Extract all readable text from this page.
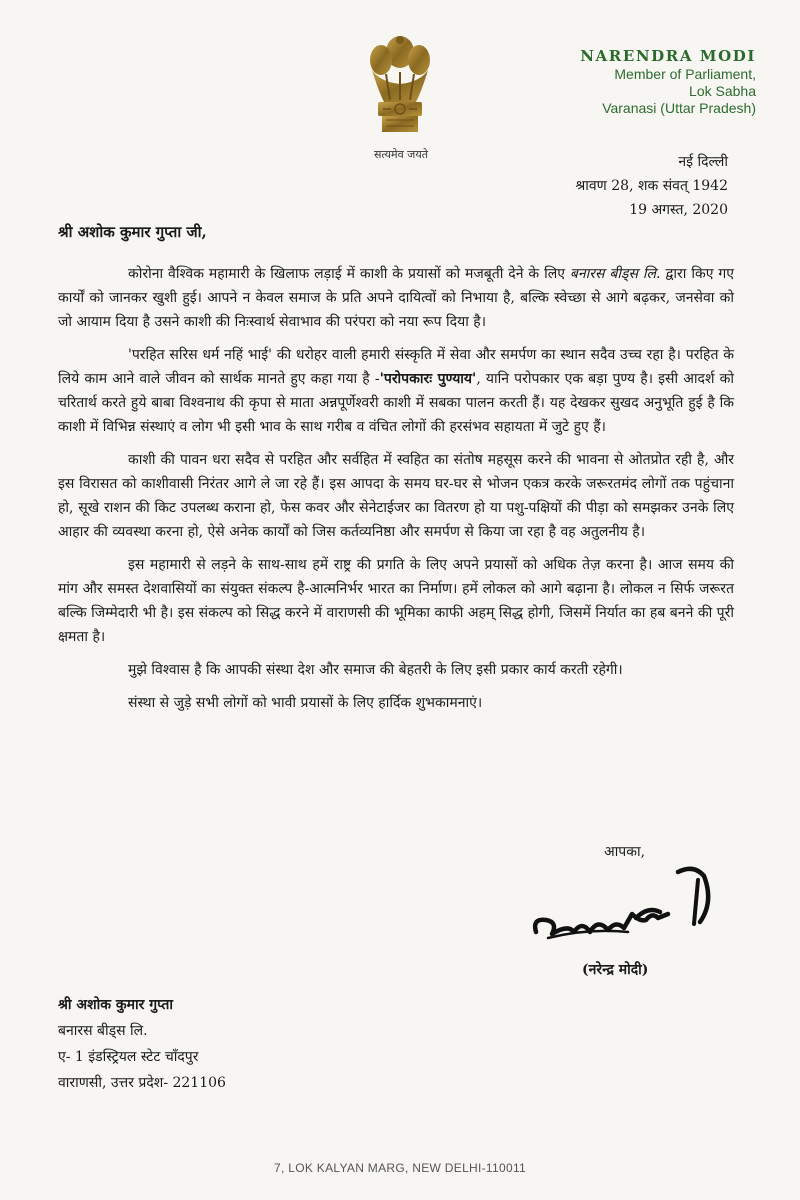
सत्यमेव जयते
NARENDRA MODI
Member of Parliament,
Lok Sabha
Varanasi (Uttar Pradesh)
नई दिल्ली
श्रावण 28, शक संवत् 1942
19 अगस्त, 2020
श्री अशोक कुमार गुप्ता जी,

कोरोना वैश्विक महामारी के खिलाफ लड़ाई में काशी के प्रयासों को मजबूती देने के लिए बनारस बीड्स लि. द्वारा किए गए कार्यों को जानकर खुशी हुई। आपने न केवल समाज के प्रति अपने दायित्वों को निभाया है, बल्कि स्वेच्छा से आगे बढ़कर, जनसेवा को जो आयाम दिया है उसने काशी की निःस्वार्थ सेवाभाव की परंपरा को नया रूप दिया है।

'परहित सरिस धर्म नहिं भाई' की धरोहर वाली हमारी संस्कृति में सेवा और समर्पण का स्थान सदैव उच्च रहा है। परहित के लिये काम आने वाले जीवन को सार्थक मानते हुए कहा गया है -'परोपकारः पुण्याय', यानि परोपकार एक बड़ा पुण्य है। इसी आदर्श को चरितार्थ करते हुये बाबा विश्वनाथ की कृपा से माता अन्नपूर्णेश्वरी काशी में सबका पालन करती हैं। यह देखकर सुखद अनुभूति हुई है कि काशी में विभिन्न संस्थाएं व लोग भी इसी भाव के साथ गरीब व वंचित लोगों की हरसंभव सहायता में जुटे हुए हैं।

काशी की पावन धरा सदैव से परहित और सर्वहित में स्वहित का संतोष महसूस करने की भावना से ओतप्रोत रही है, और इस विरासत को काशीवासी निरंतर आगे ले जा रहे हैं। इस आपदा के समय घर-घर से भोजन एकत्र करके जरूरतमंद लोगों तक पहुंचाना हो, सूखे राशन की किट उपलब्ध कराना हो, फेस कवर और सेनेटाईजर का वितरण हो या पशु-पक्षियों की पीड़ा को समझकर उनके लिए आहार की व्यवस्था करना हो, ऐसे अनेक कार्यों को जिस कर्तव्यनिष्ठा और समर्पण से किया जा रहा है वह अतुलनीय है।

इस महामारी से लड़ने के साथ-साथ हमें राष्ट्र की प्रगति के लिए अपने प्रयासों को अधिक तेज़ करना है। आज समय की मांग और समस्त देशवासियों का संयुक्त संकल्प है-आत्मनिर्भर भारत का निर्माण। हमें लोकल को आगे बढ़ाना है। लोकल न सिर्फ जरूरत बल्कि जिम्मेदारी भी है। इस संकल्प को सिद्ध करने में वाराणसी की भूमिका काफी अहम् सिद्ध होगी, जिसमें निर्यात का हब बनने की पूरी क्षमता है।

मुझे विश्वास है कि आपकी संस्था देश और समाज की बेहतरी के लिए इसी प्रकार कार्य करती रहेगी।

संस्था से जुड़े सभी लोगों को भावी प्रयासों के लिए हार्दिक शुभकामनाएं।

आपका,
(नरेन्द्र मोदी)
श्री अशोक कुमार गुप्ता
बनारस बीड्स लि.
ए- 1 इंडस्ट्रियल स्टेट चाँदपुर
वाराणसी, उत्तर प्रदेश- 221106
7, LOK KALYAN MARG, NEW DELHI-110011
